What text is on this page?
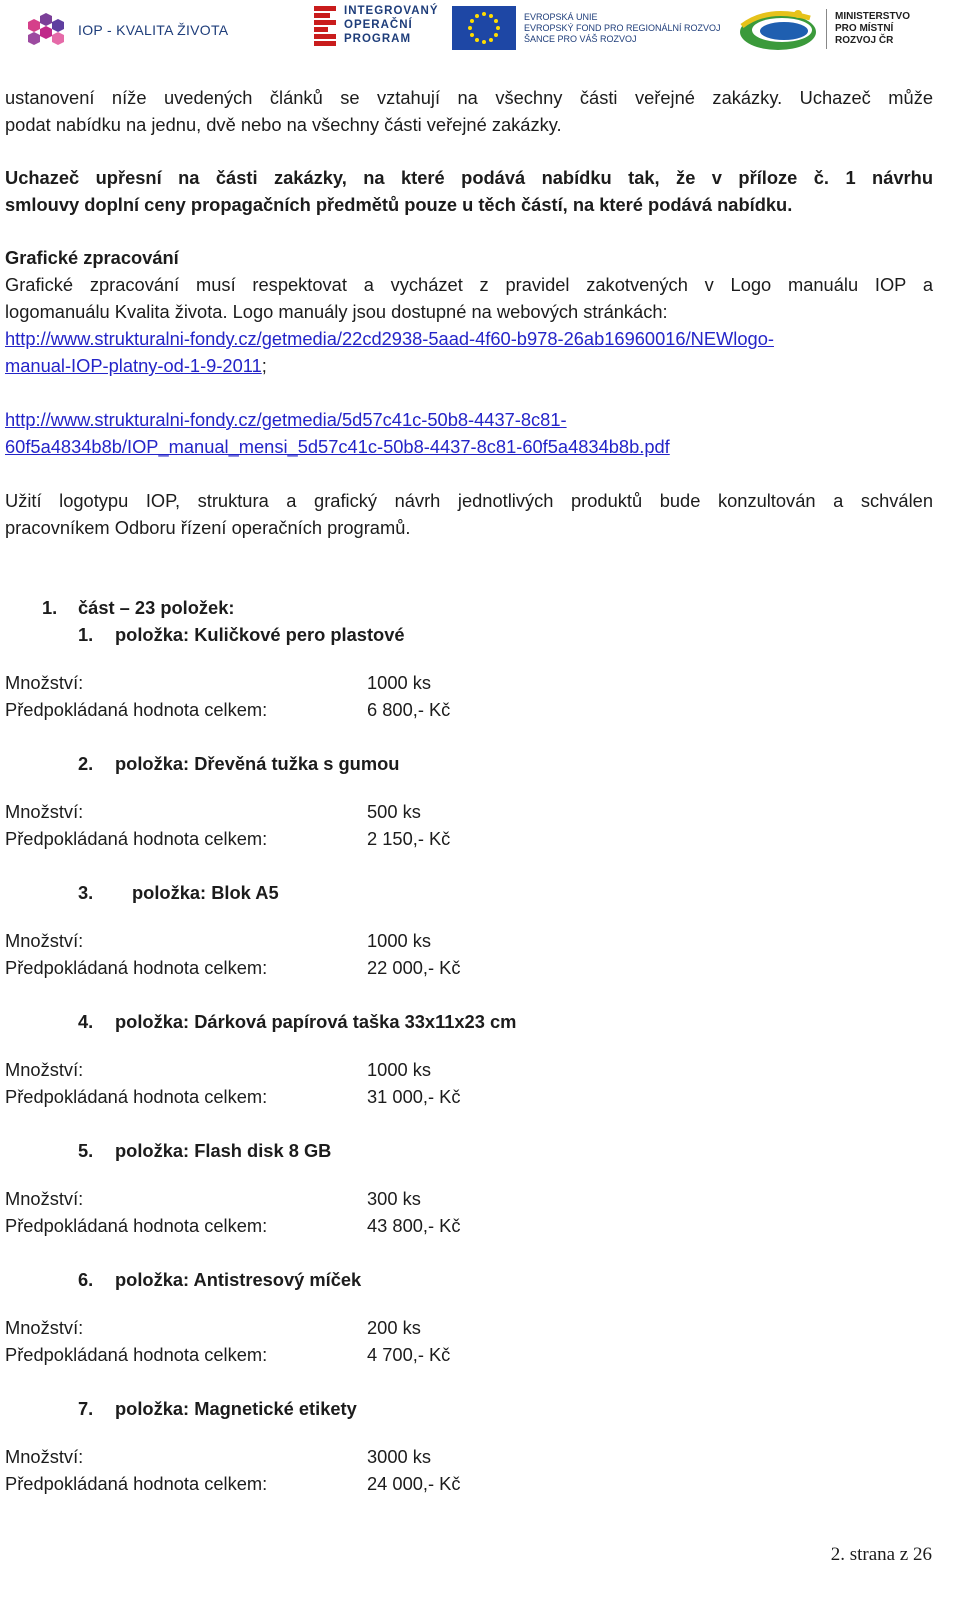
IOP - KVALITA ŽIVOTA
INTEGROVANÝ
OPERAČNÍ
PROGRAM
EVROPSKÁ UNIE
EVROPSKÝ FOND PRO REGIONÁLNÍ ROZVOJ
ŠANCE PRO VÁŠ ROZVOJ
MINISTERSTVO
PRO MÍSTNÍ
ROZVOJ ČR

ustanovení níže uvedených článků se vztahují na všechny části veřejné zakázky. Uchazeč může

podat nabídku na jednu, dvě nebo na všechny části veřejné zakázky.

Uchazeč upřesní na části zakázky, na které podává nabídku tak, že v příloze č. 1 návrhu

smlouvy doplní ceny propagačních předmětů pouze u těch částí, na které podává nabídku.

Grafické zpracování

Grafické zpracování musí respektovat a vycházet z pravidel zakotvených v Logo manuálu IOP a

logomanuálu Kvalita života. Logo manuály jsou dostupné na webových stránkách:

http://www.strukturalni-fondy.cz/getmedia/22cd2938-5aad-4f60-b978-26ab16960016/NEWlogo-

manual-IOP-platny-od-1-9-2011;

http://www.strukturalni-fondy.cz/getmedia/5d57c41c-50b8-4437-8c81-

60f5a4834b8b/IOP_manual_mensi_5d57c41c-50b8-4437-8c81-60f5a4834b8b.pdf

Užití logotypu IOP, struktura a grafický návrh jednotlivých produktů bude konzultován a schválen

pracovníkem Odboru řízení operačních programů.

1. část – 23 položek:

1. položka: Kuličkové pero plastové

Množství:	1000 ks
Předpokládaná hodnota celkem:	6 800,- Kč

2. položka: Dřevěná tužka s gumou

Množství:	500 ks
Předpokládaná hodnota celkem:	2 150,- Kč

3. položka: Blok A5

Množství:	1000 ks
Předpokládaná hodnota celkem:	22 000,- Kč

4. položka: Dárková papírová taška 33x11x23 cm

Množství:	1000 ks
Předpokládaná hodnota celkem:	31 000,- Kč

5. položka: Flash disk 8 GB

Množství:	300 ks
Předpokládaná hodnota celkem:	43 800,- Kč

6. položka: Antistresový míček

Množství:	200 ks
Předpokládaná hodnota celkem:	4 700,- Kč

7. položka: Magnetické etikety

Množství:	3000 ks
Předpokládaná hodnota celkem:	24 000,- Kč
2. strana z 26
